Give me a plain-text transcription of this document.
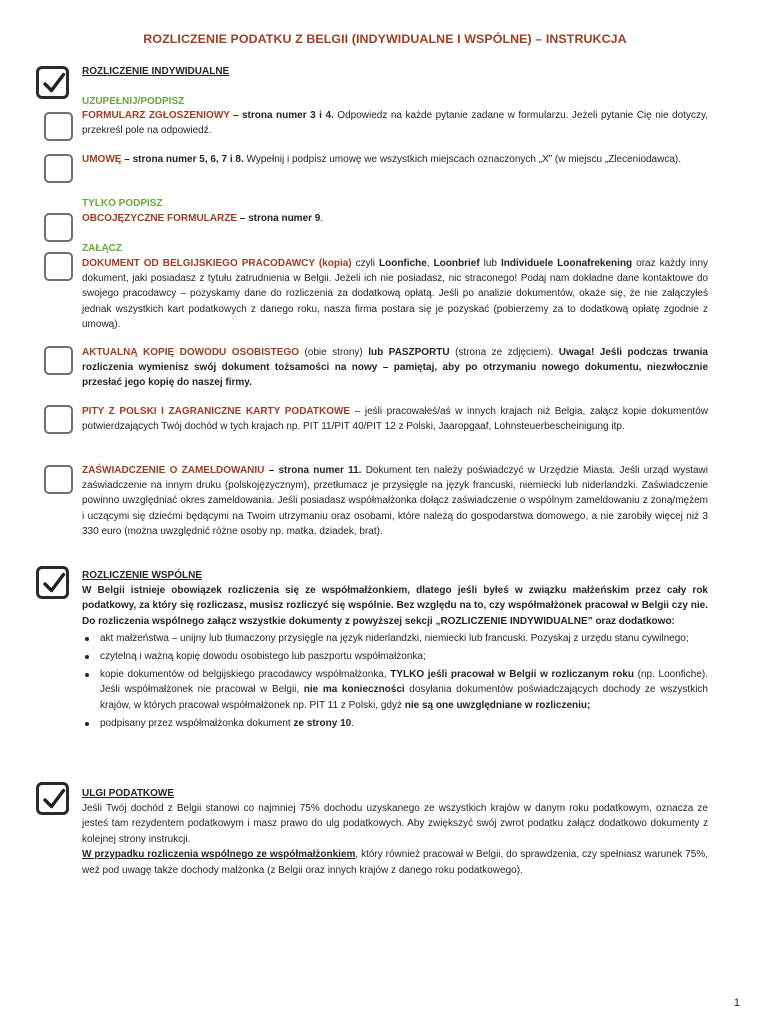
ROZLICZENIE PODATKU Z BELGII (INDYWIDUALNE I WSPÓLNE) – INSTRUKCJA
ROZLICZENIE INDYWIDUALNE
UZUPEŁNIJ/PODPISZ
FORMULARZ ZGŁOSZENIOWY – strona numer 3 i 4. Odpowiedz na każde pytanie zadane w formularzu. Jeżeli pytanie Cię nie dotyczy, przekreśl pole na odpowiedź.
UMOWĘ – strona numer 5, 6, 7 i 8. Wypełnij i podpisz umowę we wszystkich miejscach oznaczonych „X” (w miejscu „Zleceniodawca).
TYLKO PODPISZ
OBCOJĘZYCZNE FORMULARZE – strona numer 9.
ZAŁĄCZ
DOKUMENT OD BELGIJSKIEGO PRACODAWCY (kopia) czyli Loonfiche, Loonbrief lub Individuele Loonafrekening oraz każdy inny dokument, jaki posiadasz z tytułu zatrudnienia w Belgii. Jeżeli ich nie posiadasz, nic straconego! Podaj nam dokładne dane kontaktowe do swojego pracodawcy – pozyskamy dane do rozliczenia za dodatkową opłatą. Jeśli po analizie dokumentów, okaże się, że nie załączyłeś jednak wszystkich kart podatkowych z danego roku, nasza firma postara się je pozyskać (pobierzemy za to dodatkową opłatę zgodnie z umową).
AKTUALNĄ KOPIĘ DOWODU OSOBISTEGO (obie strony) lub PASZPORTU (strona ze zdjęciem). Uwaga! Jeśli podczas trwania rozliczenia wymienisz swój dokument tożsamości na nowy – pamiętaj, aby po otrzymaniu nowego dokumentu, niezwłocznie przesłać jego kopię do naszej firmy.
PITY Z POLSKI I ZAGRANICZNE KARTY PODATKOWE – jeśli pracowałeś/aś w innych krajach niż Belgia, załącz kopie dokumentów potwierdzających Twój dochód w tych krajach np. PIT 11/PIT 40/PIT 12 z Polski, Jaaropgaaf, Lohnsteuerbescheinigung itp.
ZAŚWIADCZENIE O ZAMELDOWANIU – strona numer 11. Dokument ten należy poświadczyć w Urzędzie Miasta. Jeśli urząd wystawi zaświadczenie na innym druku (polskojęzycznym), przetłumacz je przysięgle na język francuski, niemiecki lub niderlandzki. Zaświadczenie powinno uwzględniać okres zameldowania. Jeśli posiadasz współmałżonka dołącz zaświadczenie o wspólnym zameldowaniu z żoną/mężem i uczącymi się dziećmi będącymi na Twoim utrzymaniu oraz osobami, które należą do gospodarstwa domowego, a nie zarobiły więcej niż 3 330 euro (można uwzględnić różne osoby np. matka, dziadek, brat).

ROZLICZENIE WSPÓLNE

W Belgii istnieje obowiązek rozliczenia się ze współmałżonkiem, dlatego jeśli byłeś w związku małżeńskim przez cały rok podatkowy, za który się rozliczasz, musisz rozliczyć się wspólnie. Bez względu na to, czy współmałżonek pracował w Belgii czy nie. Do rozliczenia wspólnego załącz wszystkie dokumenty z powyższej sekcji „ROZLICZENIE INDYWIDUALNE” oraz dodatkowo:

akt małżeństwa – unijny lub tłumaczony przysięgle na język niderlandzki, niemiecki lub francuski. Pozyskaj z urzędu stanu cywilnego;
czytelną i ważną kopię dowodu osobistego lub paszportu współmałżonka;
kopie dokumentów od belgijskiego pracodawcy współmałżonka, TYLKO jeśli pracował w Belgii w rozliczanym roku (np. Loonfiche). Jeśli współmałżonek nie pracował w Belgii, nie ma konieczności dosyłania dokumentów poświadczających dochody ze wszystkich krajów, w których pracował współmałżonek np. PIT 11 z Polski, gdyż nie są one uwzględniane w rozliczeniu;
podpisany przez współmałżonka dokument ze strony 10.

ULGI PODATKOWE

Jeśli Twój dochód z Belgii stanowi co najmniej 75% dochodu uzyskanego ze wszystkich krajów w danym roku podatkowym, oznacza ze jesteś tam rezydentem podatkowym i masz prawo do ulg podatkowych. Aby zwiększyć swój zwrot podatku załącz dodatkowo dokumenty z kolejnej strony instrukcji.

W przypadku rozliczenia wspólnego ze współmałżonkiem, który również pracował w Belgii, do sprawdzenia, czy spełniasz warunek 75%, weź pod uwagę także dochody małżonka (z Belgii oraz innych krajów z danego roku podatkowego).

1
